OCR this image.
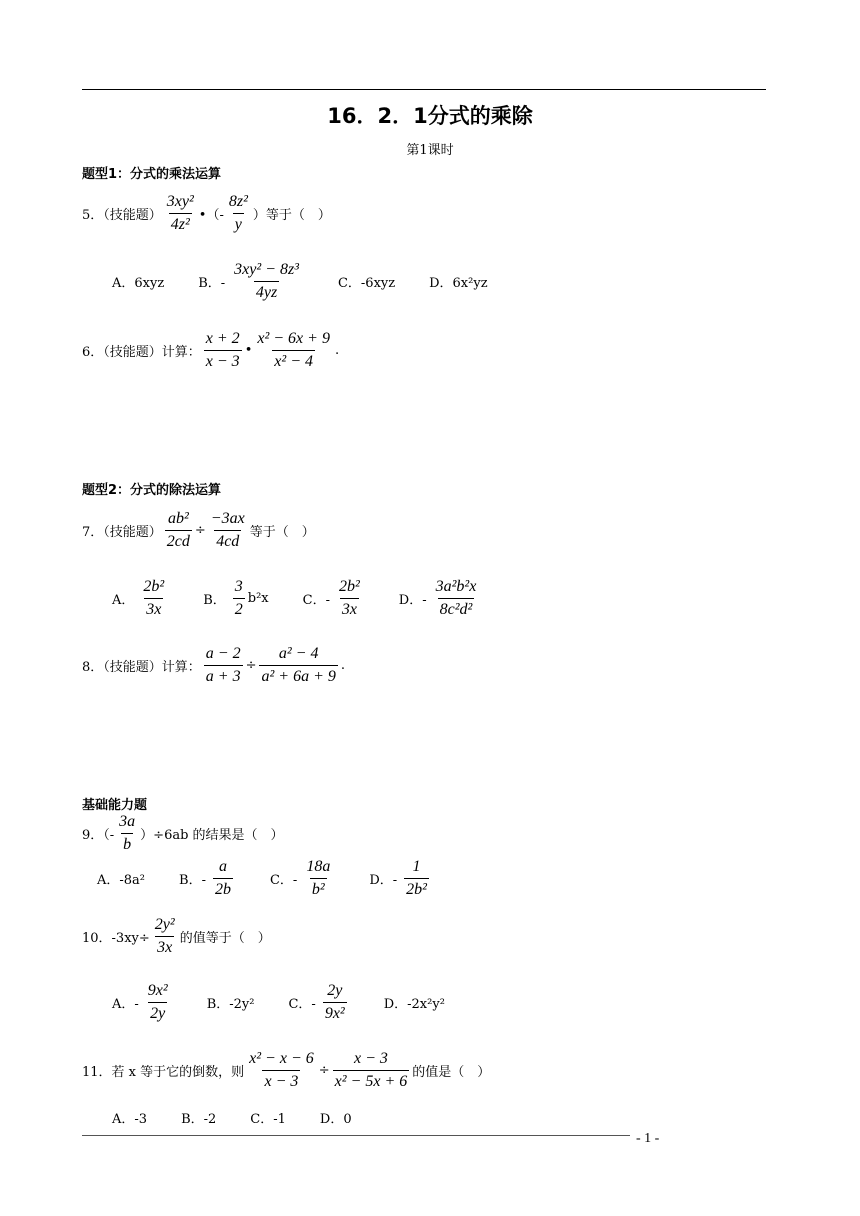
16．2．1分式的乘除
第1课时
题型1：分式的乘法运算
5．（技能题） $\frac{\text{3xy²}}{\text{4z²}}$ •（- $\frac{\text{8z²}}{y}$ ）等于（　）
A．6xyz	B．- $\frac{\text{3xy² − 8z³}}{4yz}$	C．-6xyz	D．6x²yz
6．（技能题）计算： $\frac{x + 2}{x - 3}$ • $\frac{\text{x² − 6x + 9}}{\text{x² − 4}}$ .
题型2：分式的除法运算
7．（技能题） $\frac{\text{ab²}}{2cd} \div \frac{-3ax}{4cd}$ 等于（　）
A． $\frac{\text{2b²}}{3x}$	B． $\frac{3}{2} b^2x$	C．- $\frac{\text{2b²}}{3x}$	D．- $\frac{\text{3a²b²x}}{\text{8c²d²}}$
8．（技能题）计算： $\frac{a - 2}{a + 3} \div \frac{\text{a² − 4}}{\text{a² + 6a + 9}}$ .
基础能力题
9．（- $\frac{3a}{b} )\div 6ab$ 的结果是（　）
A．-8a²	B．- $\frac{a}{2b}$	C．- $\frac{18a}{\text{b²}}$	D．- $\frac{1}{\text{2b²}}$
10．$-3xy\div \frac{\text{2y²}}{3x}$ 的值等于（　）
A．- $\frac{\text{9x²}}{2y}$	B．-2y²	C．- $\frac{2y}{\text{9x²}}$	D．-2x²y²
11．若 x 等于它的倒数，则 $\frac{\text{x² − x − 6}}{x - 3} \div \frac{x - 3}{\text{x² − 5x + 6}}$ 的值是（　）
A．-3	B．-2	C．-1	D．0
- 1 -
